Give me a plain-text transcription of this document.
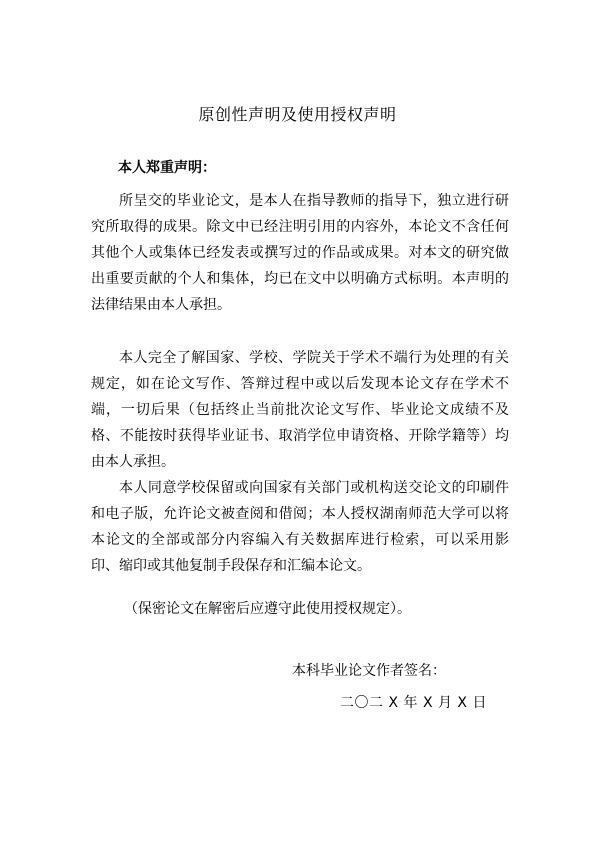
原创性声明及使用授权声明
本人郑重声明：

所呈交的毕业论文，是本人在指导教师的指导下，独立进行研究所取得的成果。除文中已经注明引用的内容外，本论文不含任何其他个人或集体已经发表或撰写过的作品或成果。对本文的研究做出重要贡献的个人和集体，均已在文中以明确方式标明。本声明的法律结果由本人承担。

本人完全了解国家、学校、学院关于学术不端行为处理的有关规定，如在论文写作、答辩过程中或以后发现本论文存在学术不端，一切后果（包括终止当前批次论文写作、毕业论文成绩不及格、不能按时获得毕业证书、取消学位申请资格、开除学籍等）均由本人承担。

本人同意学校保留或向国家有关部门或机构送交论文的印刷件和电子版，允许论文被查阅和借阅；本人授权湖南师范大学可以将本论文的全部或部分内容编入有关数据库进行检索，可以采用影印、缩印或其他复制手段保存和汇编本论文。

（保密论文在解密后应遵守此使用授权规定）。
本科毕业论文作者签名：
二〇二 X 年 X 月 X 日
